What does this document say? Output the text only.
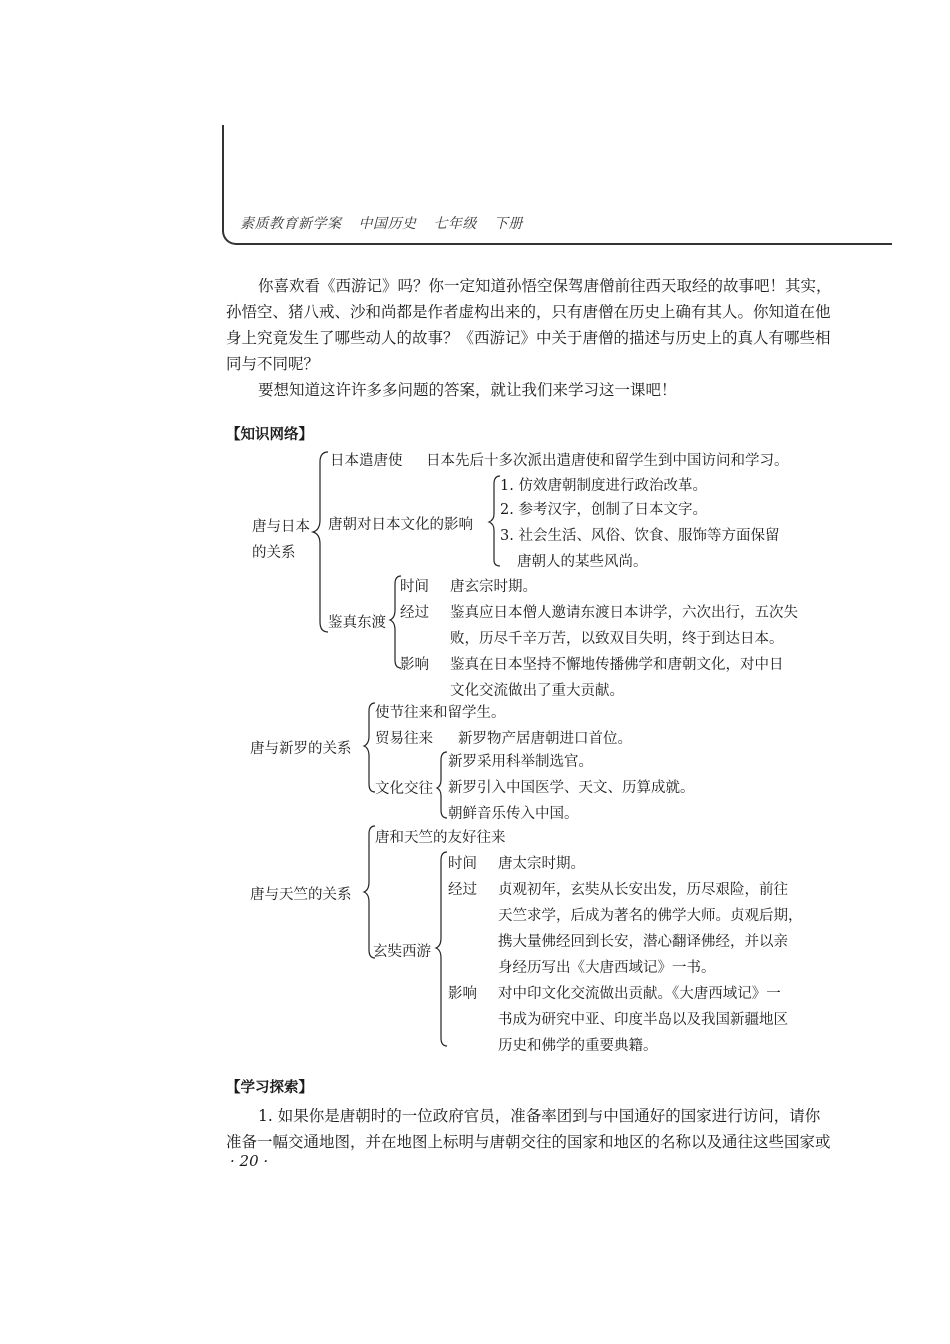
素质教育新学案 中国历史 七年级 下册
你喜欢看《西游记》吗？你一定知道孙悟空保驾唐僧前往西天取经的故事吧！其实，
孙悟空、猪八戒、沙和尚都是作者虚构出来的，只有唐僧在历史上确有其人。你知道在他
身上究竟发生了哪些动人的故事？《西游记》中关于唐僧的描述与历史上的真人有哪些相
同与不同呢？
要想知道这许许多多问题的答案，就让我们来学习这一课吧！
【知识网络】
唐与日本
的关系
日本遣唐使 日本先后十多次派出遣唐使和留学生到中国访问和学习。
唐朝对日本文化的影响
1. 仿效唐朝制度进行政治改革。
2. 参考汉字，创制了日本文字。
3. 社会生活、风俗、饮食、服饰等方面保留
唐朝人的某些风尚。
鉴真东渡
时间 唐玄宗时期。
经过 鉴真应日本僧人邀请东渡日本讲学，六次出行，五次失
败，历尽千辛万苦，以致双目失明，终于到达日本。
影响 鉴真在日本坚持不懈地传播佛学和唐朝文化，对中日
文化交流做出了重大贡献。
唐与新罗的关系
使节往来和留学生。
贸易往来 新罗物产居唐朝进口首位。
文化交往
新罗采用科举制选官。
新罗引入中国医学、天文、历算成就。
朝鲜音乐传入中国。
唐与天竺的关系
唐和天竺的友好往来
玄奘西游
时间 唐太宗时期。
经过 贞观初年，玄奘从长安出发，历尽艰险，前往
天竺求学，后成为著名的佛学大师。贞观后期，
携大量佛经回到长安，潜心翻译佛经，并以亲
身经历写出《大唐西域记》一书。
影响 对中印文化交流做出贡献。《大唐西域记》一
书成为研究中亚、印度半岛以及我国新疆地区
历史和佛学的重要典籍。
【学习探索】
1. 如果你是唐朝时的一位政府官员，准备率团到与中国通好的国家进行访问，请你
准备一幅交通地图，并在地图上标明与唐朝交往的国家和地区的名称以及通往这些国家或
· 20 ·
